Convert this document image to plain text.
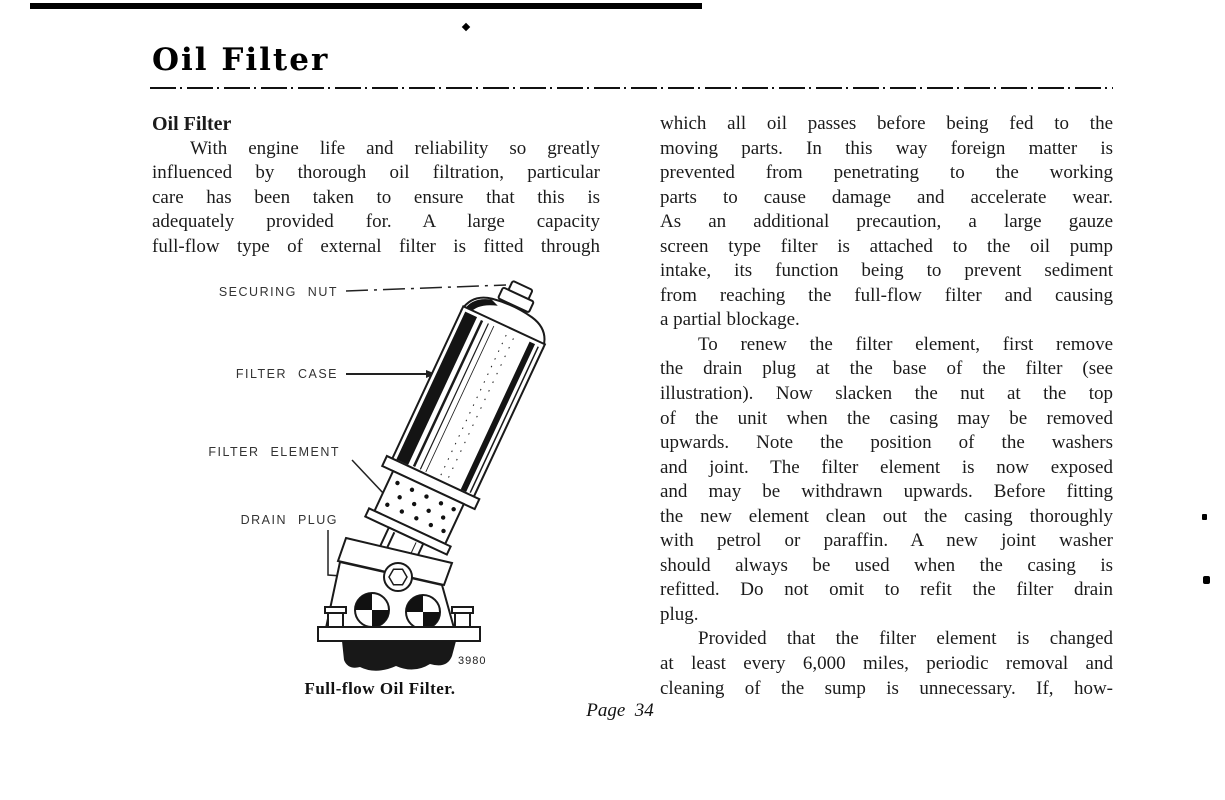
Oil Filter
Oil Filter
With engine life and reliability so greatly
influenced by thorough oil filtration, particular
care has been taken to ensure that this is
adequately provided for. A large capacity
full-flow type of external filter is fitted through
which all oil passes before being fed to the
moving parts. In this way foreign matter is
prevented from penetrating to the working
parts to cause damage and accelerate wear.
As an additional precaution, a large gauze
screen type filter is attached to the oil pump
intake, its function being to prevent sediment
from reaching the full-flow filter and causing
a partial blockage.
To renew the filter element, first remove
the drain plug at the base of the filter (see
illustration). Now slacken the nut at the top
of the unit when the casing may be removed
upwards. Note the position of the washers
and joint. The filter element is now exposed
and may be withdrawn upwards. Before fitting
the new element clean out the casing thoroughly
with petrol or paraffin. A new joint washer
should always be used when the casing is
refitted. Do not omit to refit the filter drain
plug.
Provided that the filter element is changed
at least every 6,000 miles, periodic removal and
cleaning of the sump is unnecessary. If, how-
SECURING NUT
FILTER CASE
FILTER ELEMENT
DRAIN PLUG
3980
Full-flow Oil Filter.
Page  34
